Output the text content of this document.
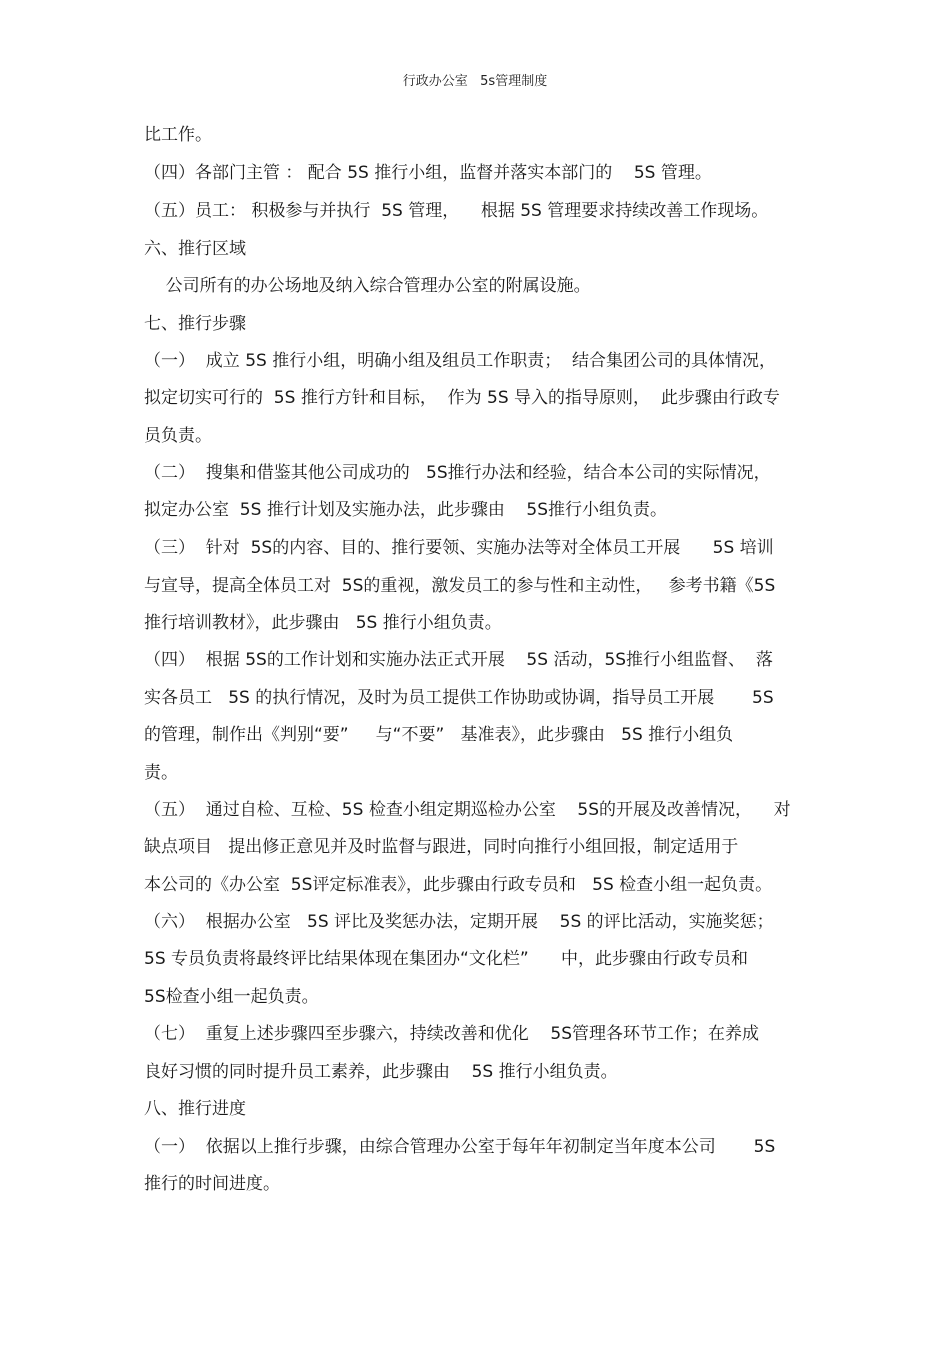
行政办公室   5s管理制度
比工作。
（四）各部门主管 ： 配合 5S 推行小组，监督并落实本部门的    5S 管理。
（五）员工： 积极参与并执行  5S 管理，    根据 5S 管理要求持续改善工作现场。
六、推行区域
公司所有的办公场地及纳入综合管理办公室的附属设施。
七、推行步骤
（一）  成立 5S 推行小组，明确小组及组员工作职责；  结合集团公司的具体情况，
拟定切实可行的  5S 推行方针和目标，  作为 5S 导入的指导原则，  此步骤由行政专
员负责。
（二）  搜集和借鉴其他公司成功的   5S推行办法和经验，结合本公司的实际情况，
拟定办公室  5S 推行计划及实施办法，此步骤由    5S推行小组负责。
（三）  针对  5S的内容、目的、推行要领、实施办法等对全体员工开展      5S 培训
与宣导，提高全体员工对  5S的重视，激发员工的参与性和主动性，   参考书籍《5S
推行培训教材》，此步骤由   5S 推行小组负责。
（四）  根据 5S的工作计划和实施办法正式开展    5S 活动，5S推行小组监督、  落
实各员工   5S 的执行情况，及时为员工提供工作协助或协调，指导员工开展       5S
的管理，制作出《判别“要”     与“不要”   基准表》，此步骤由   5S 推行小组负
责。
（五）  通过自检、互检、5S 检查小组定期巡检办公室    5S的开展及改善情况，    对
缺点项目   提出修正意见并及时监督与跟进，同时向推行小组回报，制定适用于
本公司的《办公室  5S评定标准表》，此步骤由行政专员和   5S 检查小组一起负责。
（六）  根据办公室   5S 评比及奖惩办法，定期开展    5S 的评比活动，实施奖惩；
5S 专员负责将最终评比结果体现在集团办“文化栏”      中，此步骤由行政专员和
5S检查小组一起负责。
（七）  重复上述步骤四至步骤六，持续改善和优化    5S管理各环节工作；在养成
良好习惯的同时提升员工素养，此步骤由    5S 推行小组负责。
八、推行进度
（一）  依据以上推行步骤，由综合管理办公室于每年年初制定当年度本公司       5S
推行的时间进度。
